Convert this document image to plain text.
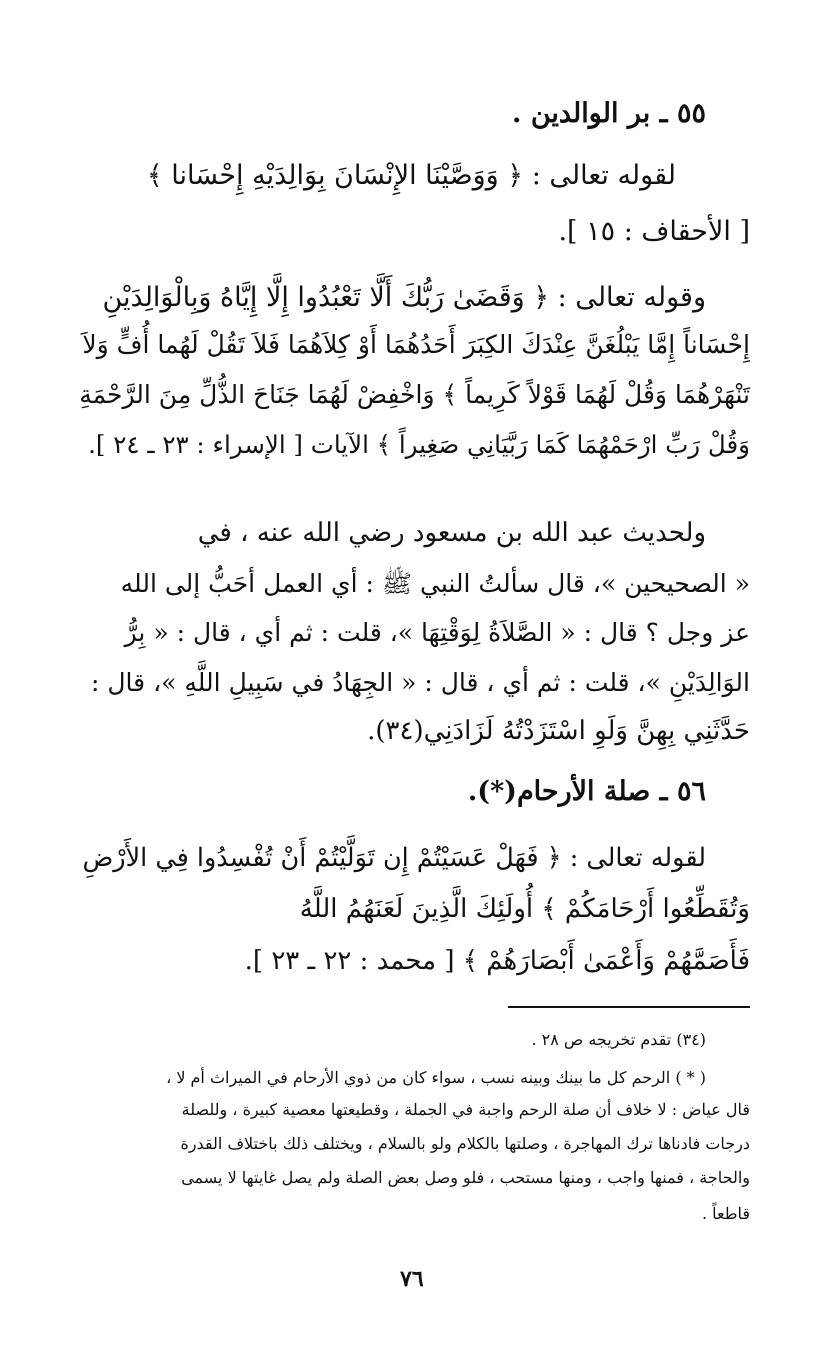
٥٥ ـ بر الوالدين .
لقوله تعالى : ﴿ وَوَصَّيْنَا الإِنْسَانَ بِوَالِدَيْهِ إِحْسَانا ﴾
[ الأحقاف : ١٥ ].
وقوله تعالى : ﴿ وَقَضَىٰ رَبُّكَ أَلَّا تَعْبُدُوا إِلَّا إِيَّاهُ وَبِالْوَالِدَيْنِ
إِحْسَاناً إِمَّا يَبْلُغَنَّ عِنْدَكَ الكِبَرَ أَحَدُهُمَا أَوْ كِلاَهُمَا فَلاَ تَقُلْ لَهُما أُفٍّ وَلاَ
تَنْهَرْهُمَا وَقُلْ لَهُمَا قَوْلاً كَرِيماً ﴾ وَاخْفِضْ لَهُمَا جَنَاحَ الذُّلِّ مِنَ الرَّحْمَةِ
وَقُلْ رَبِّ ارْحَمْهُمَا كَمَا رَبَّيَانِي صَغِيراً ﴾ الآيات [ الإسراء : ٢٣ ـ ٢٤ ].
ولحديث عبد الله بن مسعود رضي الله عنه ، في
« الصحيحين »، قال سألتُ النبي ﷺ : أي العمل أحَبُّ إلى الله
عز وجل ؟ قال : « الصَّلاَةُ لِوَقْتِهَا »، قلت : ثم أي ، قال : « بِرُّ
الوَالِدَيْنِ »، قلت : ثم أي ، قال : « الجِهَادُ في سَبِيلِ اللَّهِ »، قال :
حَدَّثَنِي بِهِنَّ وَلَوِ اسْتَزَدْتُهُ لَزَادَنِي(٣٤).
٥٦ ـ صلة الأرحام(*).
لقوله تعالى : ﴿ فَهَلْ عَسَيْتُمْ إِن تَوَلَّيْتُمْ أَنْ تُفْسِدُوا فِي الأَرْضِ
وَتُقَطِّعُوا أَرْحَامَكُمْ ﴾ أُولَئِكَ الَّذِينَ لَعَنَهُمُ اللَّهُ
فَأَصَمَّهُمْ وَأَعْمَىٰ أَبْصَارَهُمْ ﴾ [ محمد : ٢٢ ـ ٢٣ ].
(٣٤) تقدم تخريجه ص ٢٨ .
( * ) الرحم كل ما بينك وبينه نسب ، سواء كان من ذوي الأرحام في الميراث أم لا ،
قال عياض : لا خلاف أن صلة الرحم واجبة في الجملة ، وقطيعتها معصية كبيرة ، وللصلة
درجات فادناها ترك المهاجرة ، وصلتها بالكلام ولو بالسلام ، ويختلف ذلك باختلاف القدرة
والحاجة ، فمنها واجب ، ومنها مستحب ، فلو وصل بعض الصلة ولم يصل غايتها لا يسمى
قاطعاً .
٧٦
